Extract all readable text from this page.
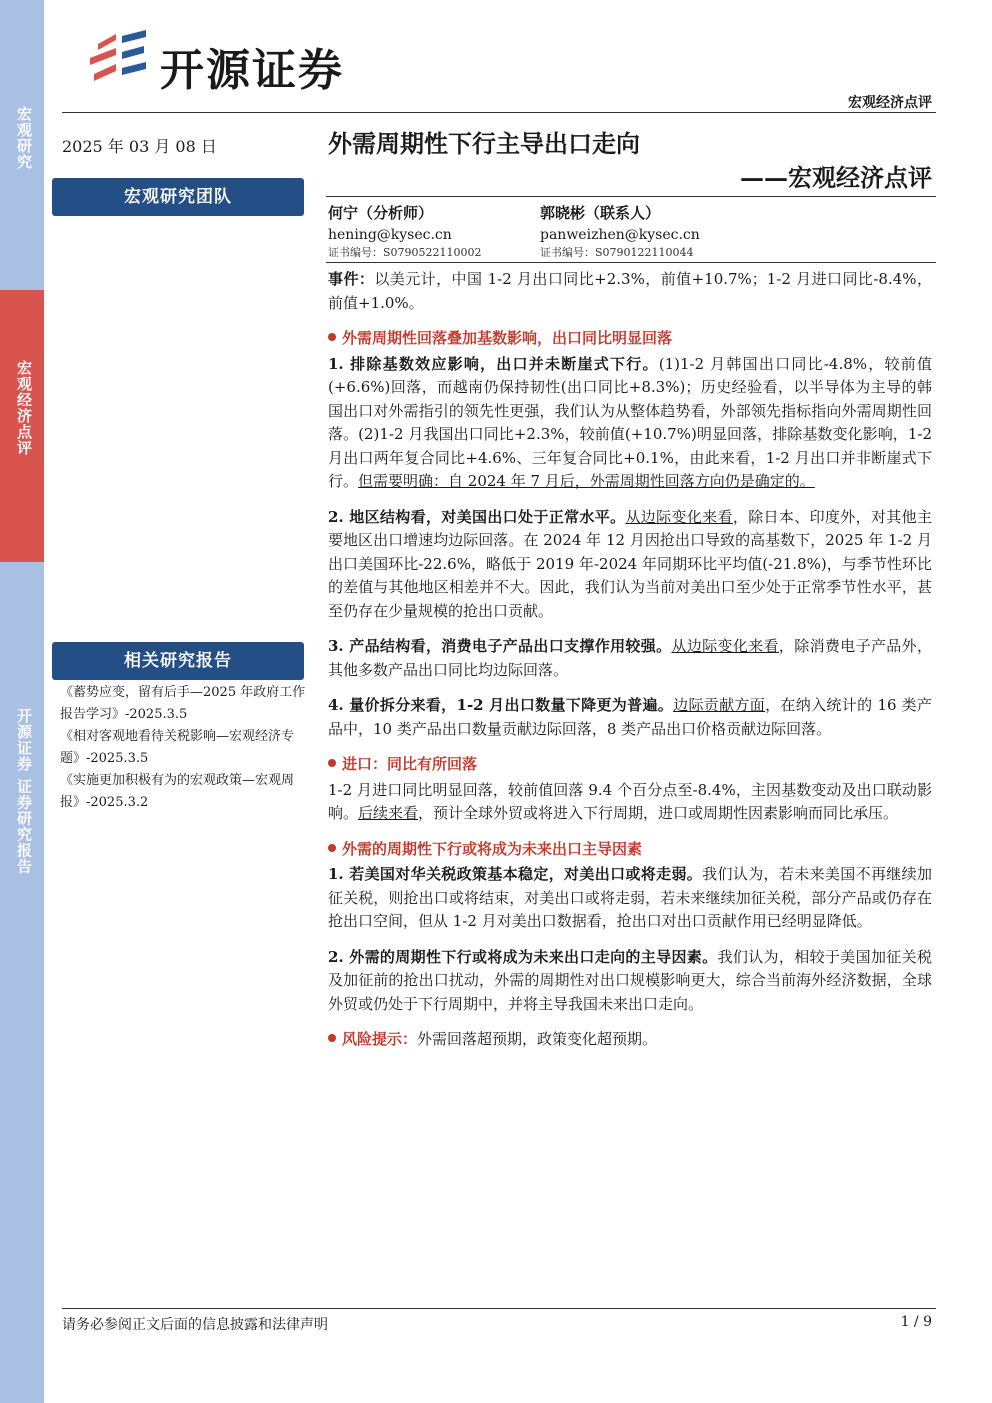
宏观研究
宏观经济点评
开源证券 证券研究报告
开源证券
宏观经济点评
2025 年 03 月 08 日	外需周期性下行主导出口走向
——宏观经济点评
宏观研究团队
何宁（分析师）
hening@kysec.cn
证书编号：S0790522110002
郭晓彬（联系人）
panweizhen@kysec.cn
证书编号：S0790122110044
相关研究报告
《蓄势应变，留有后手—2025 年政府工作报告学习》-2025.3.5
《相对客观地看待关税影响—宏观经济专题》-2025.3.5
《实施更加积极有为的宏观政策—宏观周报》-2025.3.2

事件：以美元计，中国 1-2 月出口同比+2.3%，前值+10.7%；1-2 月进口同比-8.4%，前值+1.0%。

外需周期性回落叠加基数影响，出口同比明显回落

1. 排除基数效应影响，出口并未断崖式下行。(1)1-2 月韩国出口同比-4.8%，较前值(+6.6%)回落，而越南仍保持韧性(出口同比+8.3%)；历史经验看，以半导体为主导的韩国出口对外需指引的领先性更强，我们认为从整体趋势看，外部领先指标指向外需周期性回落。(2)1-2 月我国出口同比+2.3%，较前值(+10.7%)明显回落，排除基数变化影响，1-2 月出口两年复合同比+4.6%、三年复合同比+0.1%，由此来看，1-2 月出口并非断崖式下行。但需要明确：自 2024 年 7 月后，外需周期性回落方向仍是确定的。

2. 地区结构看，对美国出口处于正常水平。从边际变化来看，除日本、印度外，对其他主要地区出口增速均边际回落。在 2024 年 12 月因抢出口导致的高基数下，2025 年 1-2 月出口美国环比-22.6%，略低于 2019 年-2024 年同期环比平均值(-21.8%)，与季节性环比的差值与其他地区相差并不大。因此，我们认为当前对美出口至少处于正常季节性水平，甚至仍存在少量规模的抢出口贡献。

3. 产品结构看，消费电子产品出口支撑作用较强。从边际变化来看，除消费电子产品外，其他多数产品出口同比均边际回落。

4. 量价拆分来看，1-2 月出口数量下降更为普遍。边际贡献方面，在纳入统计的 16 类产品中，10 类产品出口数量贡献边际回落，8 类产品出口价格贡献边际回落。

进口：同比有所回落

1-2 月进口同比明显回落，较前值回落 9.4 个百分点至-8.4%，主因基数变动及出口联动影响。后续来看，预计全球外贸或将进入下行周期，进口或周期性因素影响而同比承压。

外需的周期性下行或将成为未来出口主导因素

1. 若美国对华关税政策基本稳定，对美出口或将走弱。我们认为，若未来美国不再继续加征关税，则抢出口或将结束，对美出口或将走弱，若未来继续加征关税，部分产品或仍存在抢出口空间，但从 1-2 月对美出口数据看，抢出口对出口贡献作用已经明显降低。

2. 外需的周期性下行或将成为未来出口走向的主导因素。我们认为，相较于美国加征关税及加征前的抢出口扰动，外需的周期性对出口规模影响更大，综合当前海外经济数据，全球外贸或仍处于下行周期中，并将主导我国未来出口走向。

风险提示：外需回落超预期，政策变化超预期。

请务必参阅正文后面的信息披露和法律声明	1 / 9
